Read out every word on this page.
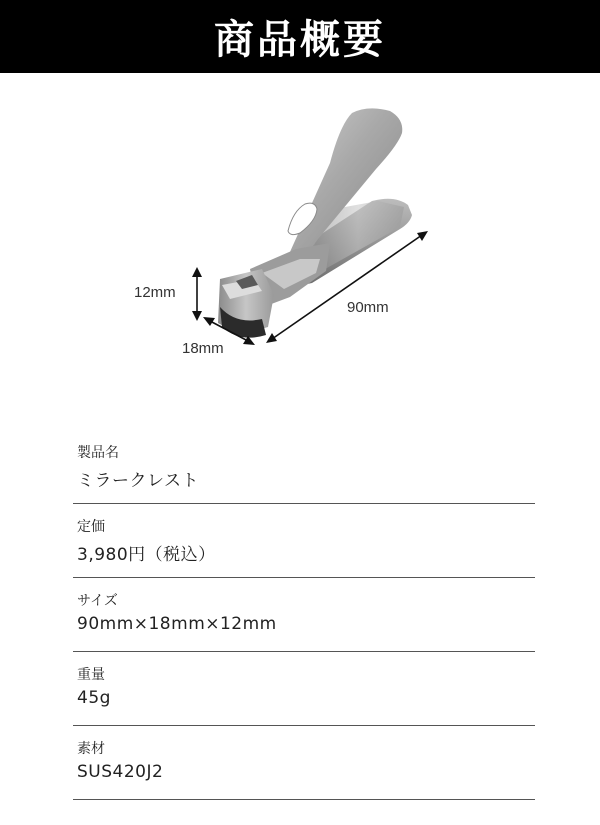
商品概要
12mm
18mm
90mm
製品名
ミラークレスト
定価
3,980円（税込）
サイズ
90mm×18mm×12mm
重量
45g
素材
SUS420J2
